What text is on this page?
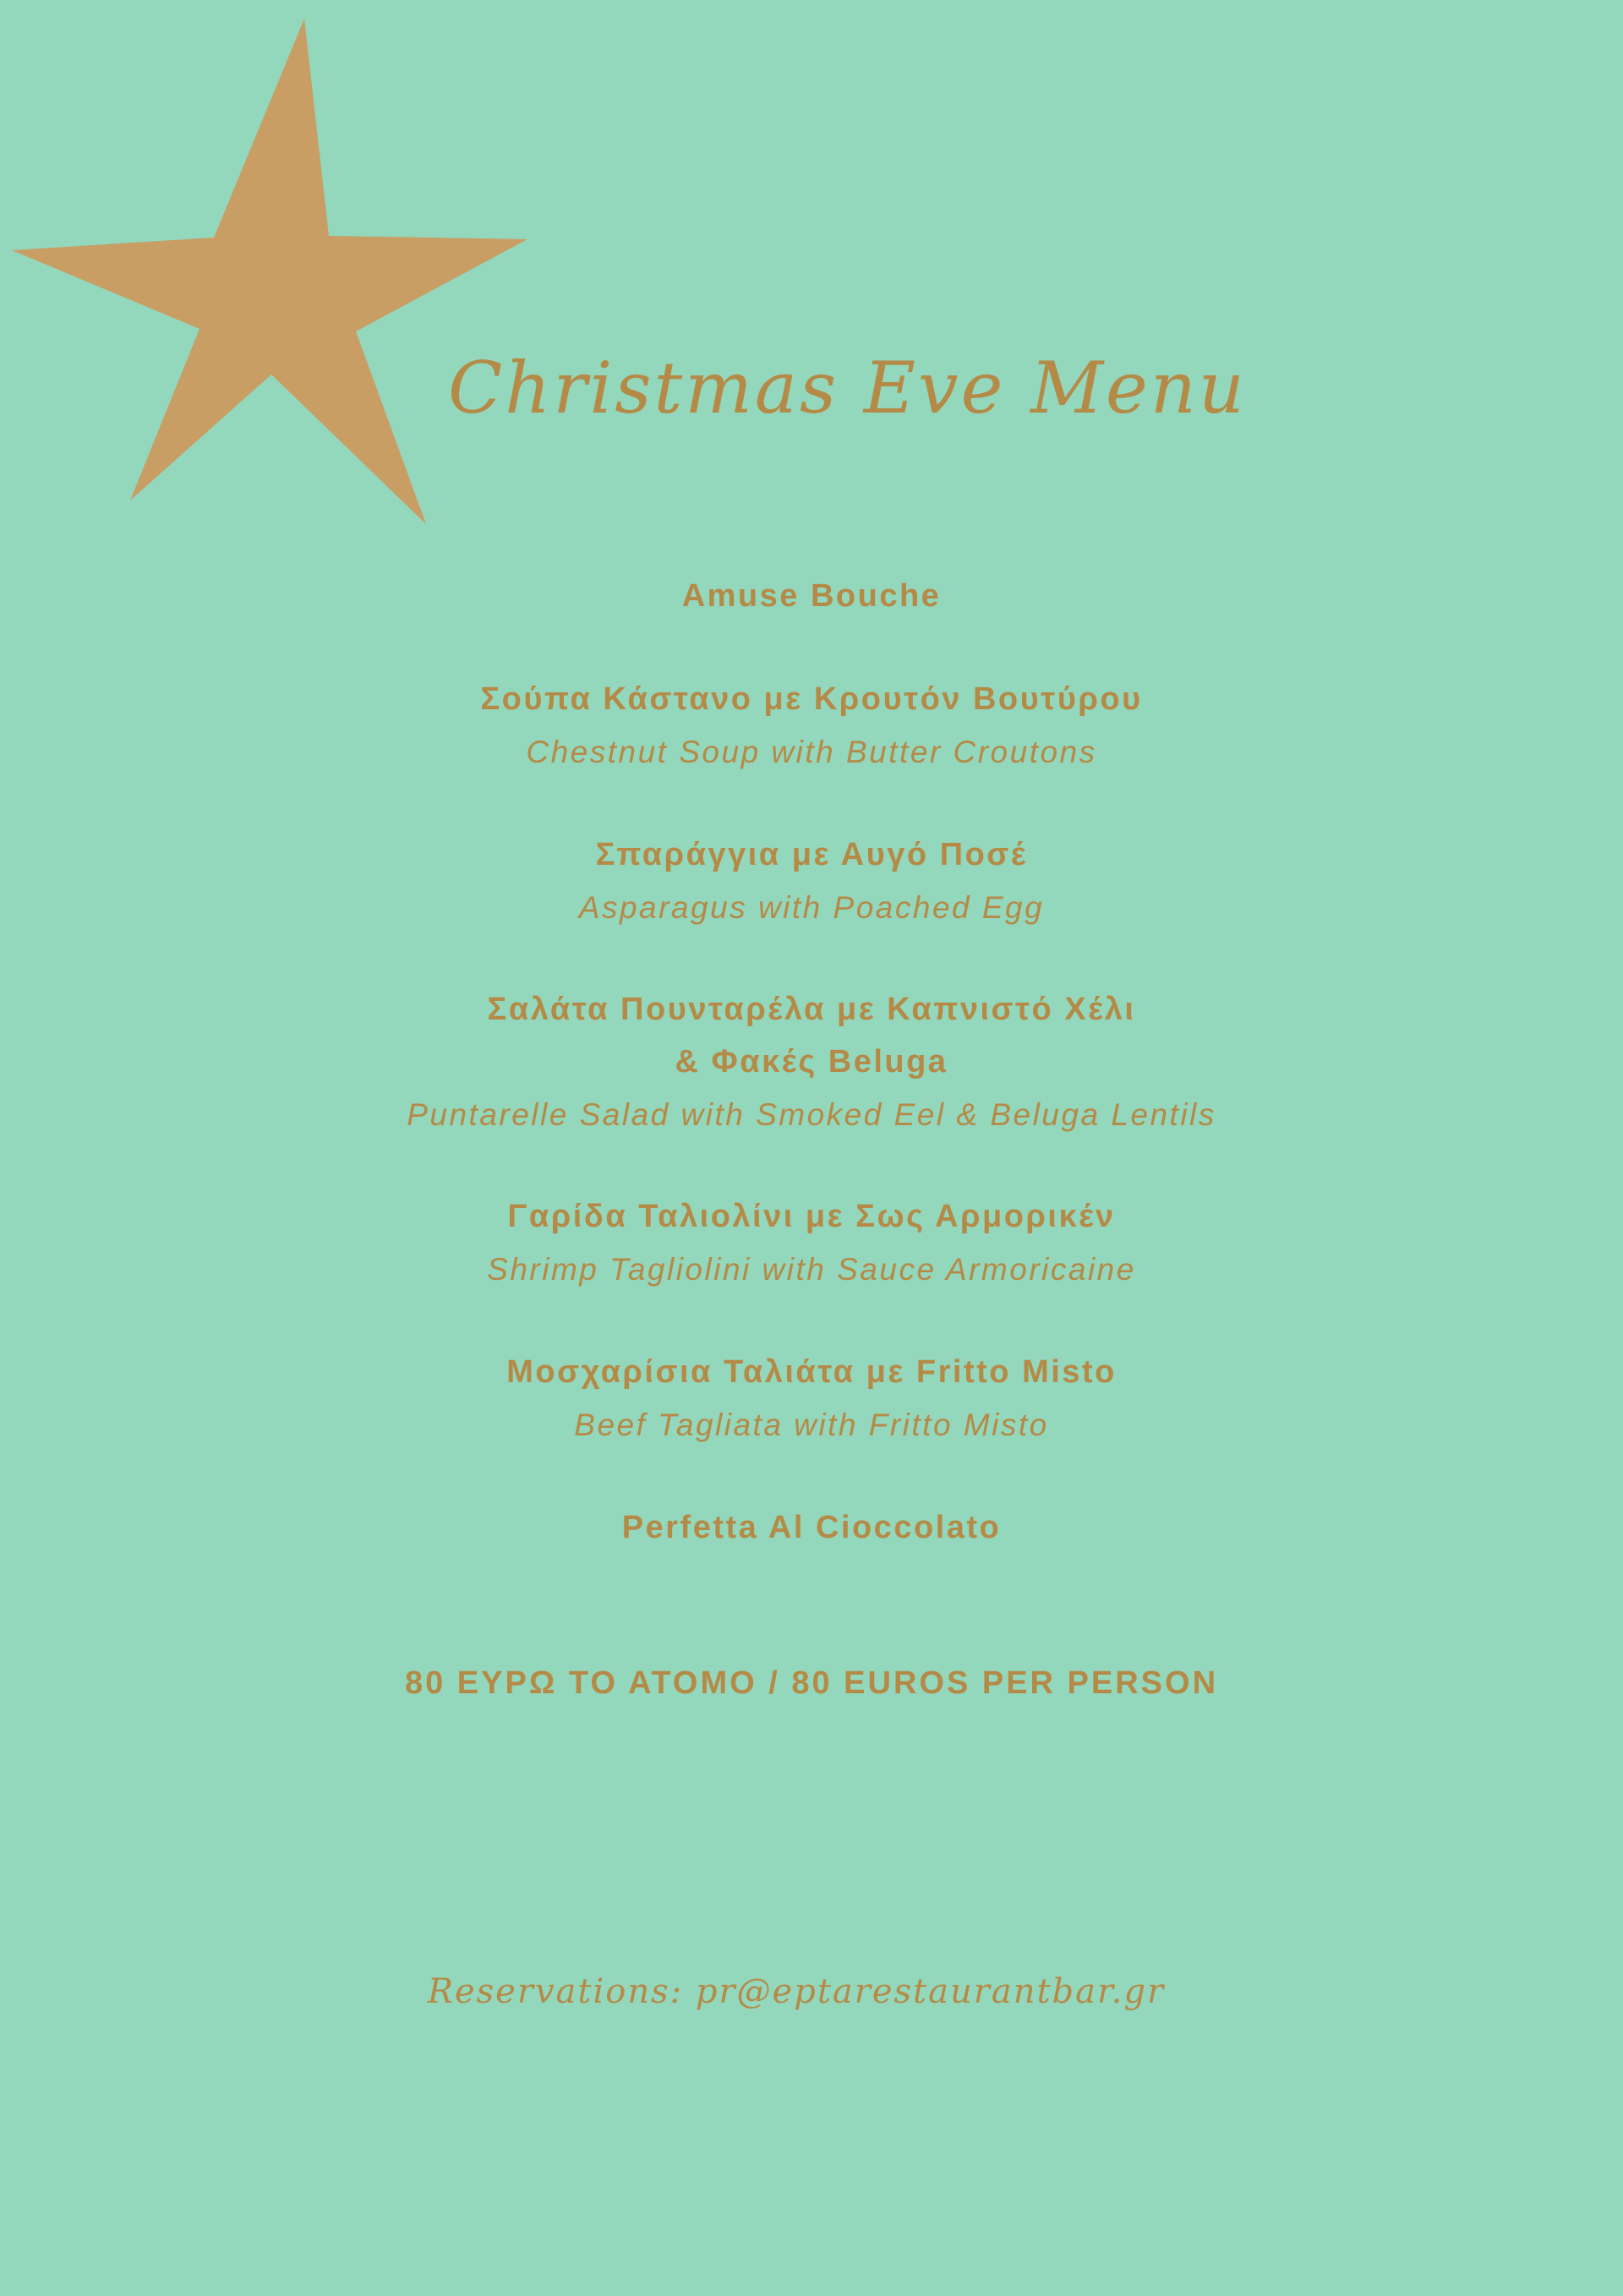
Christmas Eve Menu
Amuse Bouche
Σούπα Κάστανο με Κρουτόν Βουτύρου
Chestnut Soup with Butter Croutons
Σπαράγγια με Αυγό Ποσέ
Asparagus with Poached Egg
Σαλάτα Πουνταρέλα με Καπνιστό Χέλι
& Φακές Beluga
Puntarelle Salad with Smoked Eel & Beluga Lentils
Γαρίδα Ταλιολίνι με Σως Αρμορικέν
Shrimp Tagliolini with Sauce Armoricaine
Μοσχαρίσια Ταλιάτα με Fritto Misto
Beef Tagliata with Fritto Misto
Perfetta Al Cioccolato
80 ΕΥΡΩ ΤΟ ΑΤΟΜΟ / 80 EUROS PER PERSON
Reservations: pr@eptarestaurantbar.gr
